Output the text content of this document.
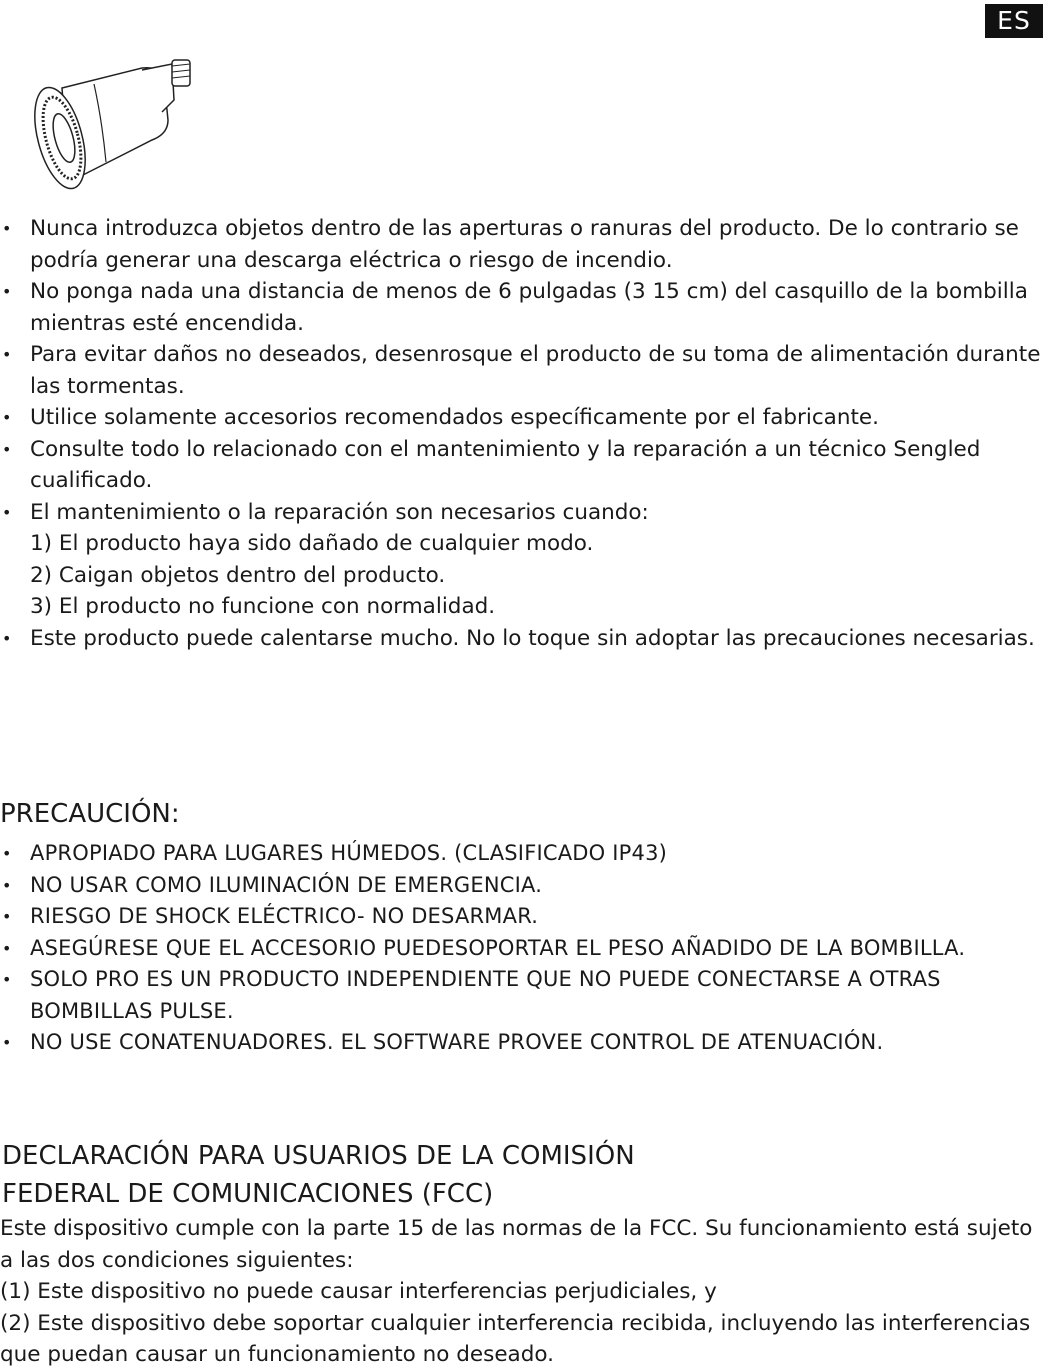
ES
• Nunca introduzca objetos dentro de las aperturas o ranuras del producto. De lo contrario se podría generar una descarga eléctrica o riesgo de incendio.
• No ponga nada una distancia de menos de 6 pulgadas (3 15 cm) del casquillo de la bombilla mientras esté encendida.
• Para evitar daños no deseados, desenrosque el producto de su toma de alimentación durante las tormentas.
• Utilice solamente accesorios recomendados específicamente por el fabricante.
• Consulte todo lo relacionado con el mantenimiento y la reparación a un técnico Sengled cualificado.
• El mantenimiento o la reparación son necesarios cuando:
1) El producto haya sido dañado de cualquier modo.
2) Caigan objetos dentro del producto.
3) El producto no funcione con normalidad.
• Este producto puede calentarse mucho. No lo toque sin adoptar las precauciones necesarias.
PRECAUCIÓN:
• APROPIADO PARA LUGARES HÚMEDOS. (CLASIFICADO IP43)
• NO USAR COMO ILUMINACIÓN DE EMERGENCIA.
• RIESGO DE SHOCK ELÉCTRICO- NO DESARMAR.
• ASEGÚRESE QUE EL ACCESORIO PUEDESOPORTAR EL PESO AÑADIDO DE LA BOMBILLA.
• SOLO PRO ES UN PRODUCTO INDEPENDIENTE QUE NO PUEDE CONECTARSE A OTRAS BOMBILLAS PULSE.
• NO USE CONATENUADORES. EL SOFTWARE PROVEE CONTROL DE ATENUACIÓN.
DECLARACIÓN PARA USUARIOS DE LA COMISIÓN
FEDERAL DE COMUNICACIONES (FCC)
Este dispositivo cumple con la parte 15 de las normas de la FCC. Su funcionamiento está sujeto a las dos condiciones siguientes:
(1) Este dispositivo no puede causar interferencias perjudiciales, y
(2) Este dispositivo debe soportar cualquier interferencia recibida, incluyendo las interferencias que puedan causar un funcionamiento no deseado.
